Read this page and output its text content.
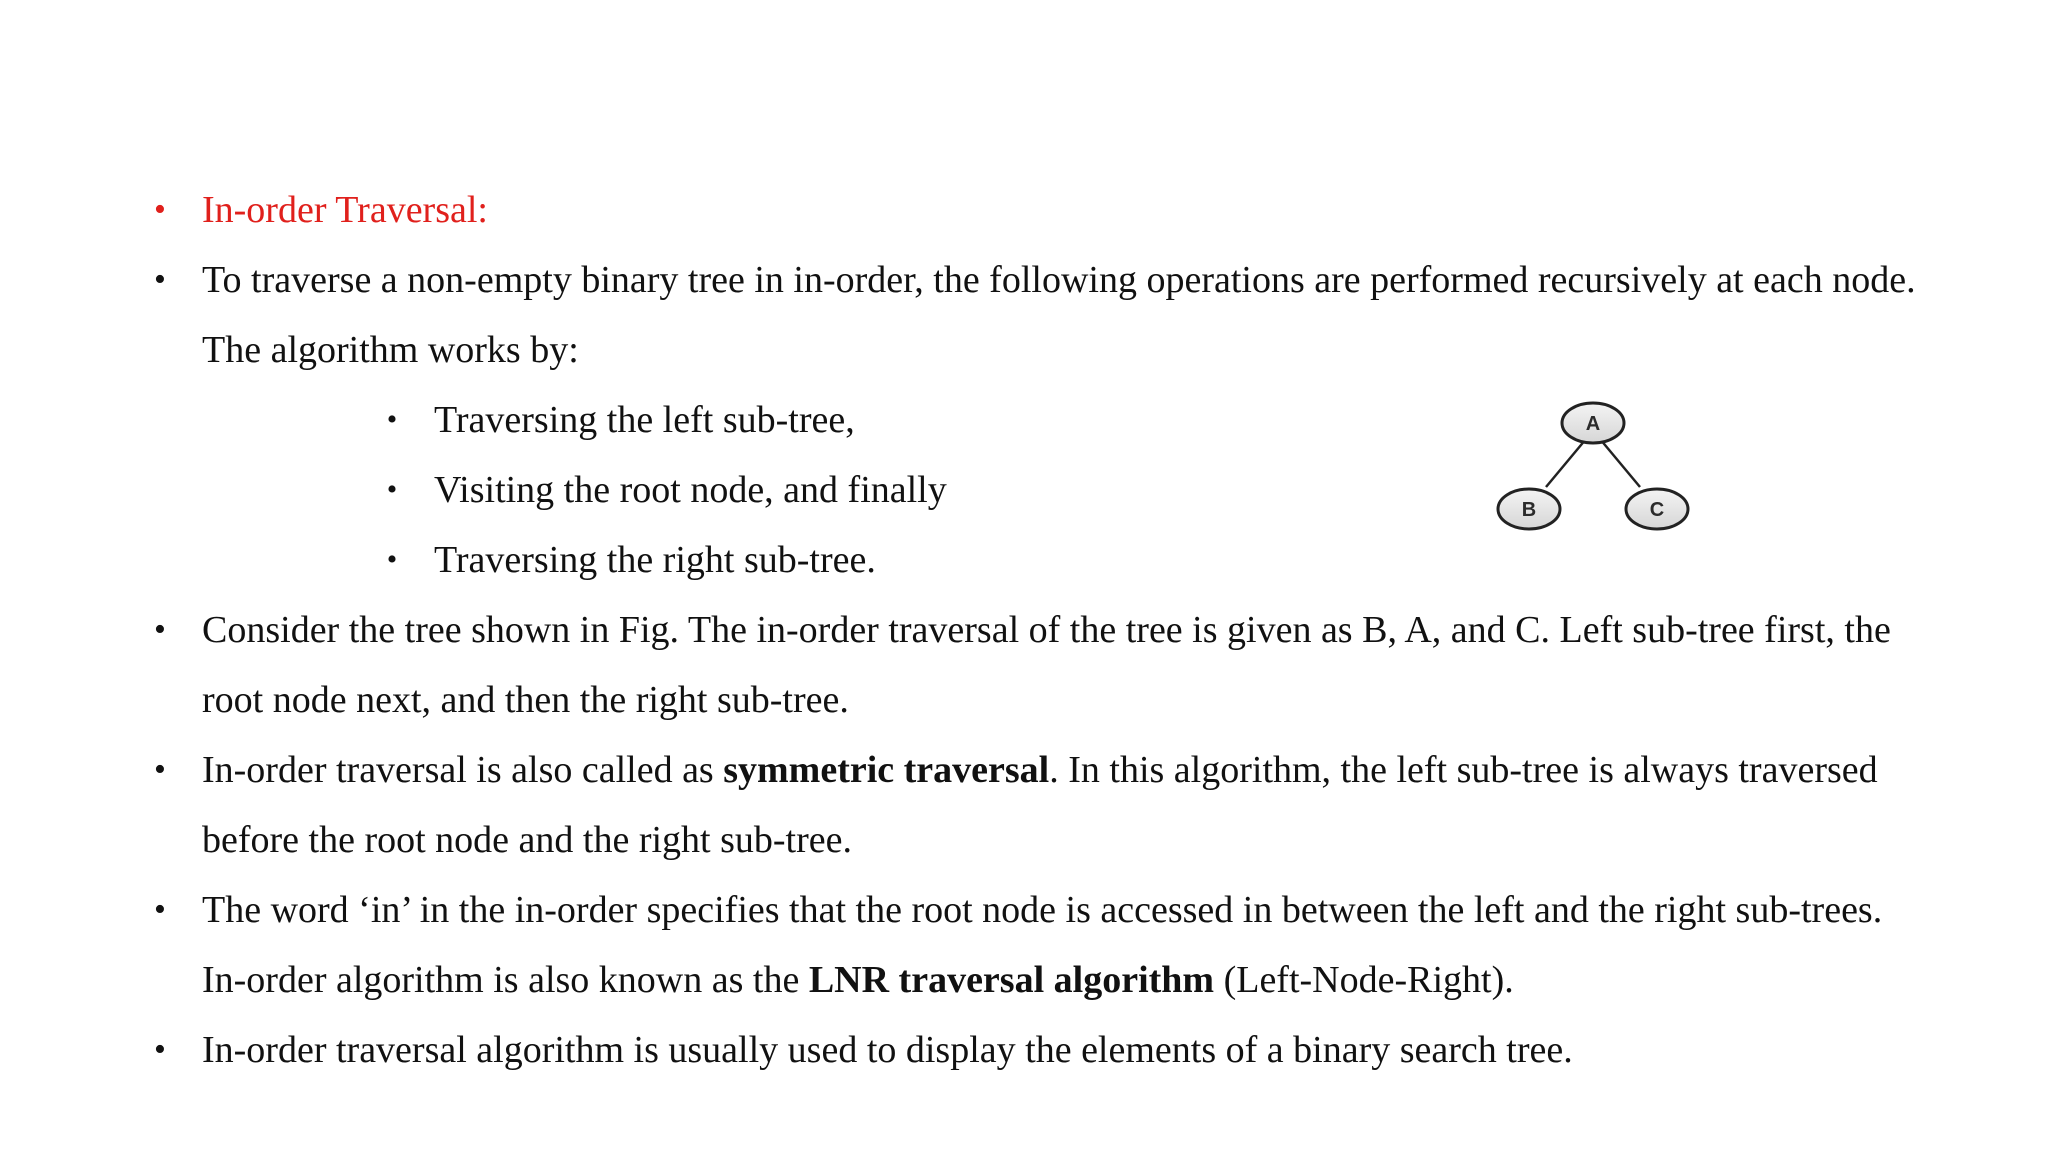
• In-order Traversal:
• To traverse a non-empty binary tree in in-order, the following operations are performed recursively at each node. The algorithm works by:
• Traversing the left sub-tree,
• Visiting the root node, and finally
• Traversing the right sub-tree.
• Consider the tree shown in Fig. The in-order traversal of the tree is given as B, A, and C. Left sub-tree first, the root node next, and then the right sub-tree.
• In-order traversal is also called as symmetric traversal. In this algorithm, the left sub-tree is always traversed before the root node and the right sub-tree.
• The word ‘in’ in the in-order specifies that the root node is accessed in between the left and the right sub-trees. In-order algorithm is also known as the LNR traversal algorithm (Left-Node-Right).
• In-order traversal algorithm is usually used to display the elements of a binary search tree.
A
B	C
